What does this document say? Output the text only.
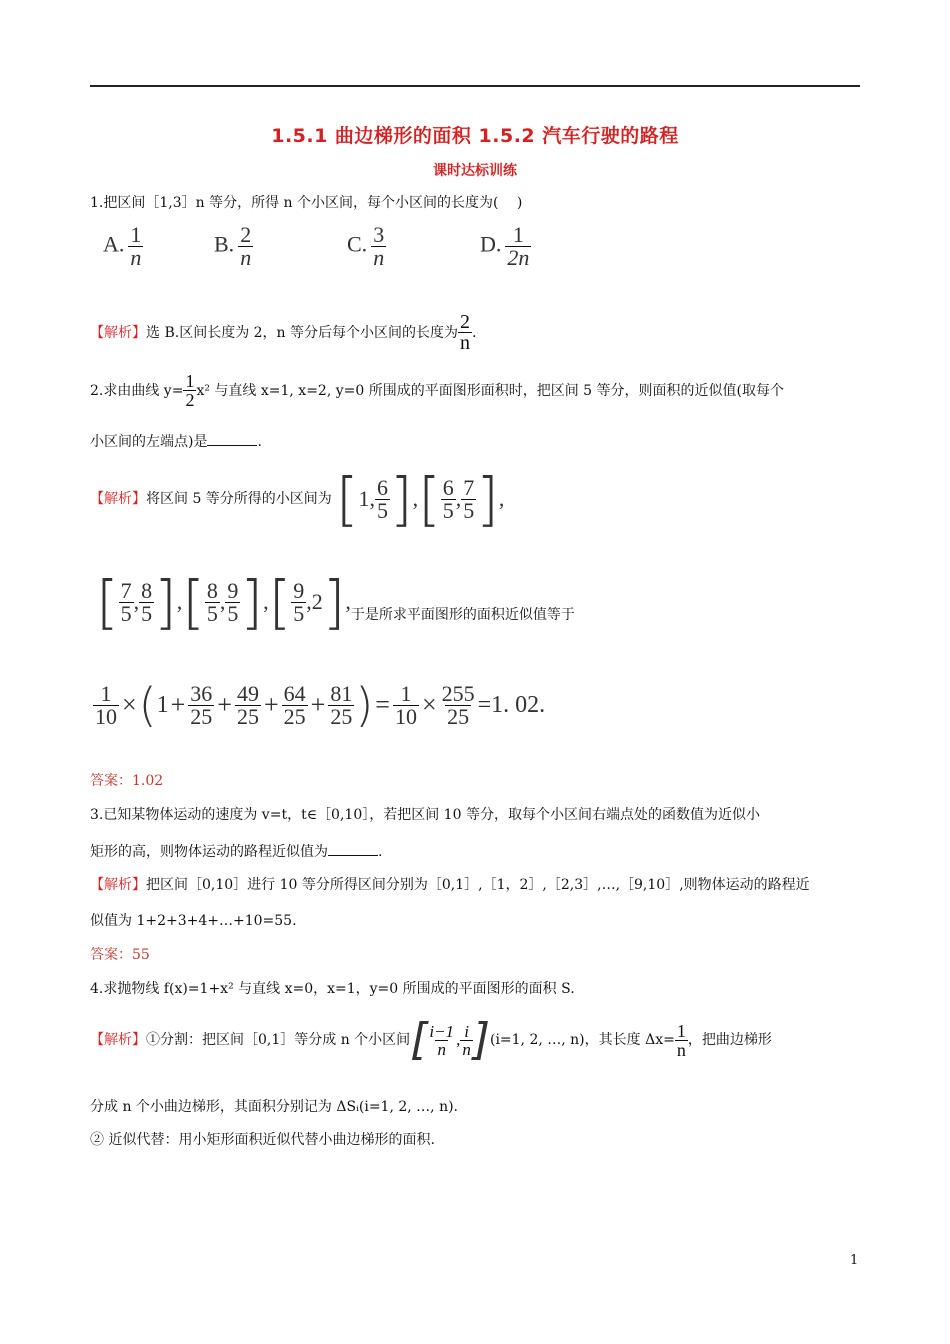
1.5.1 曲边梯形的面积 1.5.2 汽车行驶的路程
课时达标训练
1.把区间［1,3］n 等分，所得 n 个小区间，每个小区间的长度为(　 )
A. $\frac{1}{n}$	B. $\frac{2}{n}$	C. $\frac{3}{n}$	D. $\frac{1}{2n}$
【解析】 选 B.区间长度为 2，n 等分后每个小区间的长度为 $\frac{2}{n}$ .
2.求由曲线 $y= \frac{1}{2} x^2$ 与直线 x=1, x=2, y=0 所围成的平面图形面积时，把区间 5 等分，则面积的近似值(取每个
小区间的左端点)是	.
【解析】 将区间 5 等分所得的小区间为 [ 1 , $\frac{6}{5}$ ] , [ $\frac{6}{5}$ , $\frac{7}{5}$ ] ,
[ $\frac{7}{5}$ , $\frac{8}{5}$ ] , [ $\frac{8}{5}$ , $\frac{9}{5}$ ] , [ $\frac{9}{5}$ , 2 ] ,
于是所求平面图形的面积近似值等于
$\frac{1}{10}$ × ( $1 + \frac{36}{25} + \frac{49}{25} + \frac{64}{25} + \frac{81}{25}$ ) = $\frac{1}{10} \times \frac{255}{25} =1$. 02.
答案：1.02
3.已知某物体运动的速度为 v=t，t∈［0,10］，若把区间 10 等分，取每个小区间右端点处的函数值为近似小
矩形的高，则物体运动的路程近似值为	.
【解析】把区间［0,10］进行 10 等分所得区间分别为［0,1］,［1，2］,［2,3］,…,［9,10］,则物体运动的路程近
似值为 1+2+3+4+…+10=55.
答案：55
4.求抛物线 f(x)=1+x² 与直线 x=0，x=1，y=0 所围成的平面图形的面积 S.
【解析】 ①分割：把区间［0,1］等分成 n 个小区间 [ $\frac{i-1}{n}$ , $\frac{i}{n}$ ] (i=1, 2, …, n)，其长度 $\Delta x= \frac{1}{n}$ ，把曲边梯形
分成 n 个小曲边梯形，其面积分别记为 ΔSᵢ(i=1, 2, …, n).
② 近似代替：用小矩形面积近似代替小曲边梯形的面积.
1
